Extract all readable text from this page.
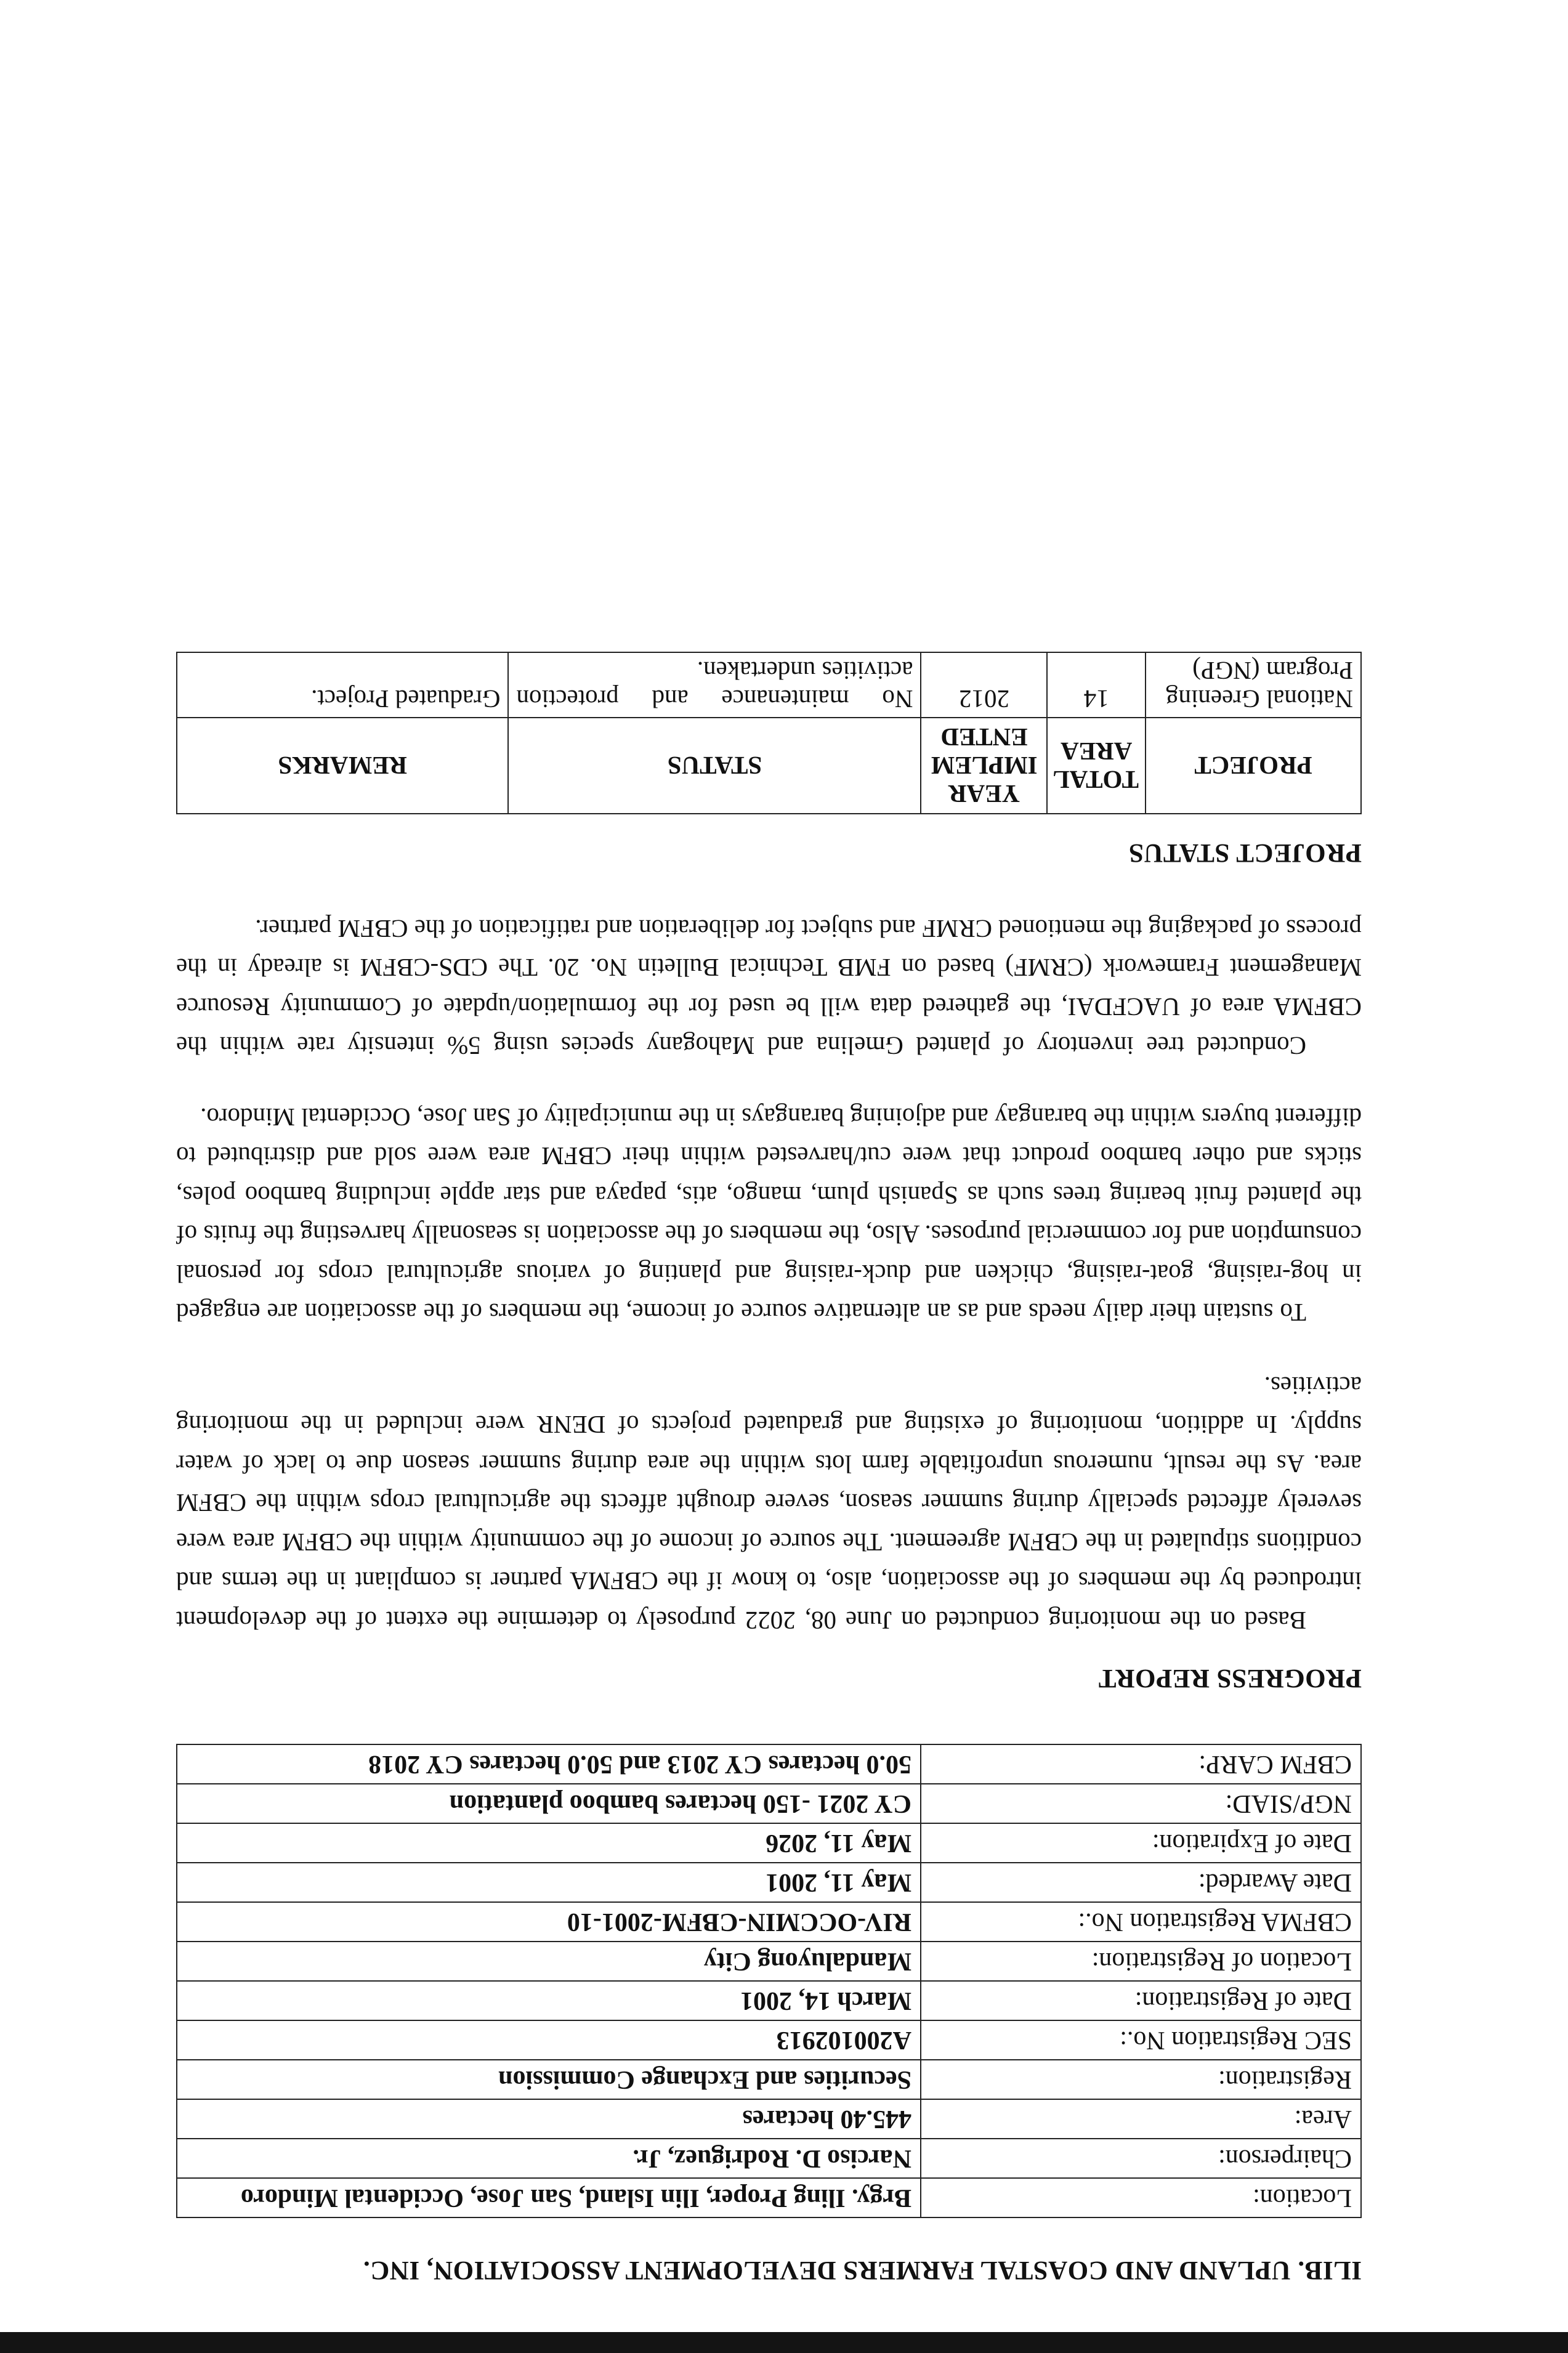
ILIB. UPLAND AND COASTAL FARMERS DEVELOPMENT ASSOCIATION, INC.
Location:	Brgy. Iling Proper, Ilin Island, San Jose, Occidental Mindoro
Chairperson:	Narciso D. Rodriguez, Jr.
Area:	445.40 hectares
Registration:	Securities and Exchange Commission
SEC Registration No.:	A200102913
Date of Registration:	March 14, 2001
Location of Registration:	Mandaluyong City
CBFMA Registration No.:	RIV-OCCMIN-CBFM-2001-10
Date Awarded:	May 11, 2001
Date of Expiration:	May 11, 2026
NGP/SIAD:	CY 2021 -150 hectares bamboo plantation
CBFM CARP:	50.0 hectares CY 2013 and 50.0 hectares CY 2018
PROGRESS REPORT

Based on the monitoring conducted on June 08, 2022 purposely to determine the extent of the development introduced by the members of the association, also, to know if the CBFMA partner is compliant in the terms and conditions stipulated in the CBFM agreement. The source of income of the community within the CBFM area were severely affected specially during summer season, severe drought affects the agricultural crops within the CBFM area. As the result, numerous unprofitable farm lots within the area during summer season due to lack of water supply. In addition, monitoring of existing and graduated projects of DENR were included in the monitoring activities.

To sustain their daily needs and as an alternative source of income, the members of the association are engaged in hog-raising, goat-raising, chicken and duck-raising and planting of various agricultural crops for personal consumption and for commercial purposes. Also, the members of the association is seasonally harvesting the fruits of the planted fruit bearing trees such as Spanish plum, mango, atis, papaya and star apple including bamboo poles, sticks and other bamboo product that were cut/harvested within their CBFM area were sold and distributed to different buyers within the barangay and adjoining barangays in the municipality of San Jose, Occidental Mindoro.

Conducted tree inventory of planted Gmelina and Mahogany species using 5% intensity rate within the CBFMA area of UACFDAI, the gathered data will be used for the formulation/update of Community Resource Management Framework (CRMF) based on FMB Technical Bulletin No. 20. The CDS-CBFM is already in the process of packaging the mentioned CRMF and subject for deliberation and ratification of the CBFM partner.

PROJECT STATUS
PROJECT	TOTAL AREA	YEAR IMPLEM ENTED	STATUS	REMARKS
National Greening Program (NGP)	14	2012	No maintenance and protection activities undertaken.	Graduated Project.
